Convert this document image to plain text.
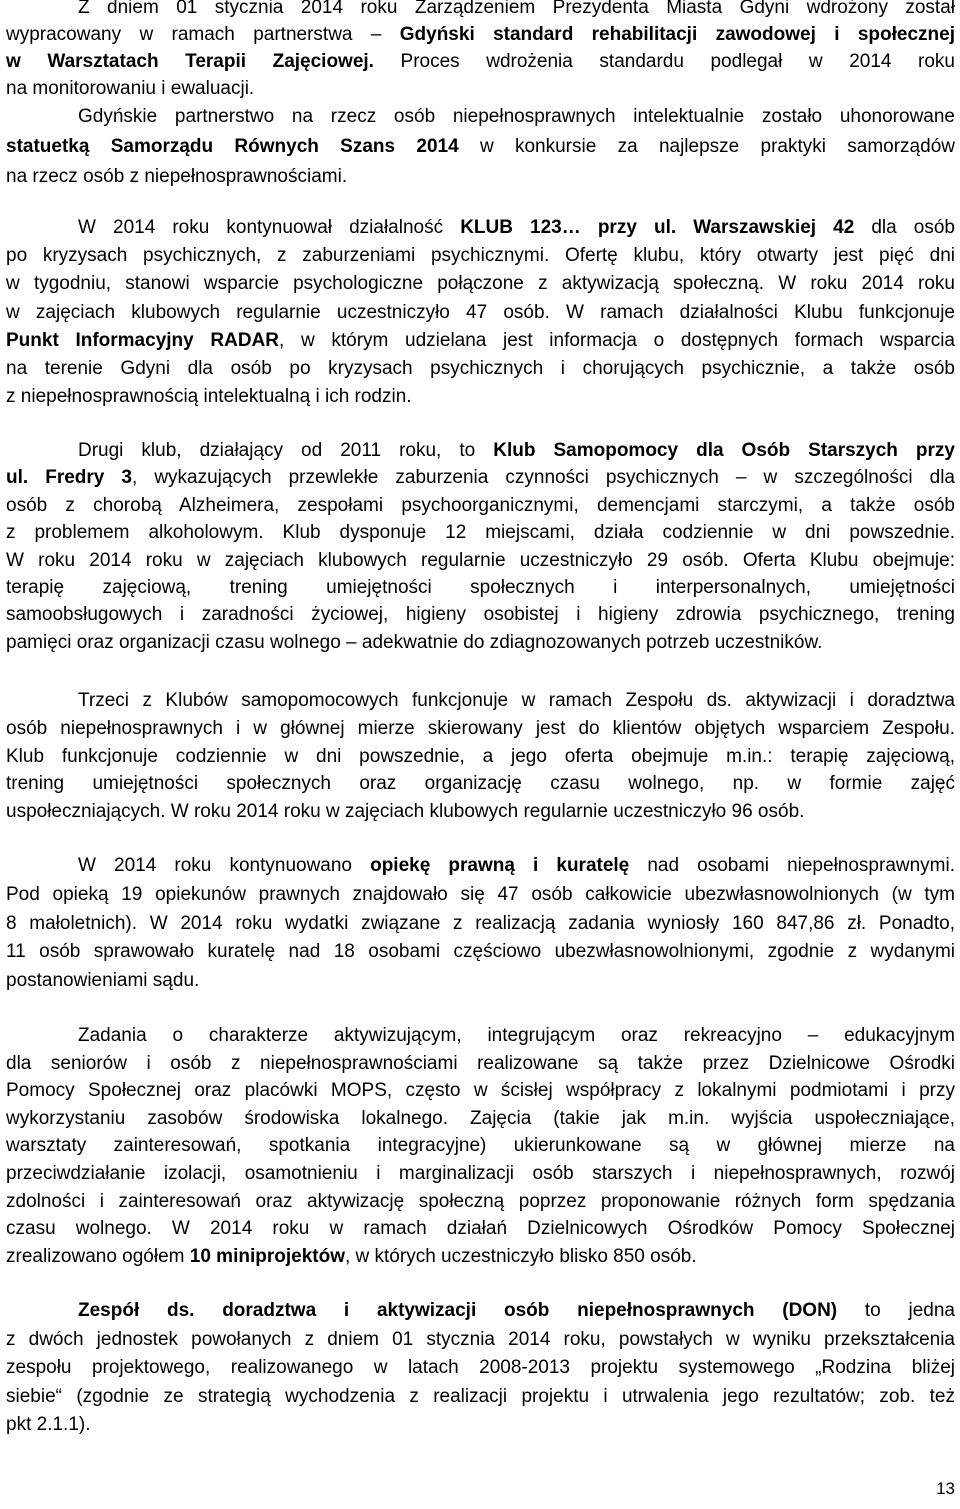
Z dniem 01 stycznia 2014 roku Zarządzeniem Prezydenta Miasta Gdyni wdrożony został
wypracowany w ramach partnerstwa – Gdyński standard rehabilitacji zawodowej i społecznej
w Warsztatach Terapii Zajęciowej. Proces wdrożenia standardu podlegał w 2014 roku
na monitorowaniu i ewaluacji.
Gdyńskie partnerstwo na rzecz osób niepełnosprawnych intelektualnie zostało uhonorowane
statuetką Samorządu Równych Szans 2014 w konkursie za najlepsze praktyki samorządów
na rzecz osób z niepełnosprawnościami.
W 2014 roku kontynuował działalność KLUB 123… przy ul. Warszawskiej 42 dla osób
po kryzysach psychicznych, z zaburzeniami psychicznymi. Ofertę klubu, który otwarty jest pięć dni
w tygodniu, stanowi wsparcie psychologiczne połączone z aktywizacją społeczną. W roku 2014 roku
w zajęciach klubowych regularnie uczestniczyło 47 osób. W ramach działalności Klubu funkcjonuje
Punkt Informacyjny RADAR, w którym udzielana jest informacja o dostępnych formach wsparcia
na terenie Gdyni dla osób po kryzysach psychicznych i chorujących psychicznie, a także osób
z niepełnosprawnością intelektualną i ich rodzin.
Drugi klub, działający od 2011 roku, to Klub Samopomocy dla Osób Starszych przy
ul. Fredry 3, wykazujących przewlekłe zaburzenia czynności psychicznych – w szczególności dla
osób z chorobą Alzheimera, zespołami psychoorganicznymi, demencjami starczymi, a także osób
z problemem alkoholowym. Klub dysponuje 12 miejscami, działa codziennie w dni powszednie.
W roku 2014 roku w zajęciach klubowych regularnie uczestniczyło 29 osób. Oferta Klubu obejmuje:
terapię zajęciową, trening umiejętności społecznych i interpersonalnych, umiejętności
samoobsługowych i zaradności życiowej, higieny osobistej i higieny zdrowia psychicznego, trening
pamięci oraz organizacji czasu wolnego – adekwatnie do zdiagnozowanych potrzeb uczestników.
Trzeci z Klubów samopomocowych funkcjonuje w ramach Zespołu ds. aktywizacji i doradztwa
osób niepełnosprawnych i w głównej mierze skierowany jest do klientów objętych wsparciem Zespołu.
Klub funkcjonuje codziennie w dni powszednie, a jego oferta obejmuje m.in.: terapię zajęciową,
trening umiejętności społecznych oraz organizację czasu wolnego, np. w formie zajęć
uspołeczniających. W roku 2014 roku w zajęciach klubowych regularnie uczestniczyło 96 osób.
W 2014 roku kontynuowano opiekę prawną i kuratelę nad osobami niepełnosprawnymi.
Pod opieką 19 opiekunów prawnych znajdowało się 47 osób całkowicie ubezwłasnowolnionych (w tym
8 małoletnich). W 2014 roku wydatki związane z realizacją zadania wyniosły 160 847,86 zł. Ponadto,
11 osób sprawowało kuratelę nad 18 osobami częściowo ubezwłasnowolnionymi, zgodnie z wydanymi
postanowieniami sądu.
Zadania o charakterze aktywizującym, integrującym oraz rekreacyjno – edukacyjnym
dla seniorów i osób z niepełnosprawnościami realizowane są także przez Dzielnicowe Ośrodki
Pomocy Społecznej oraz placówki MOPS, często w ścisłej współpracy z lokalnymi podmiotami i przy
wykorzystaniu zasobów środowiska lokalnego. Zajęcia (takie jak m.in. wyjścia uspołeczniające,
warsztaty zainteresowań, spotkania integracyjne) ukierunkowane są w głównej mierze na
przeciwdziałanie izolacji, osamotnieniu i marginalizacji osób starszych i niepełnosprawnych, rozwój
zdolności i zainteresowań oraz aktywizację społeczną poprzez proponowanie różnych form spędzania
czasu wolnego. W 2014 roku w ramach działań Dzielnicowych Ośrodków Pomocy Społecznej
zrealizowano ogółem 10 miniprojektów, w których uczestniczyło blisko 850 osób.
Zespół ds. doradztwa i aktywizacji osób niepełnosprawnych (DON) to jedna
z dwóch jednostek powołanych z dniem 01 stycznia 2014 roku, powstałych w wyniku przekształcenia
zespołu projektowego, realizowanego w latach 2008-2013 projektu systemowego „Rodzina bliżej
siebie“ (zgodnie ze strategią wychodzenia z realizacji projektu i utrwalenia jego rezultatów; zob. też
pkt 2.1.1).
13
